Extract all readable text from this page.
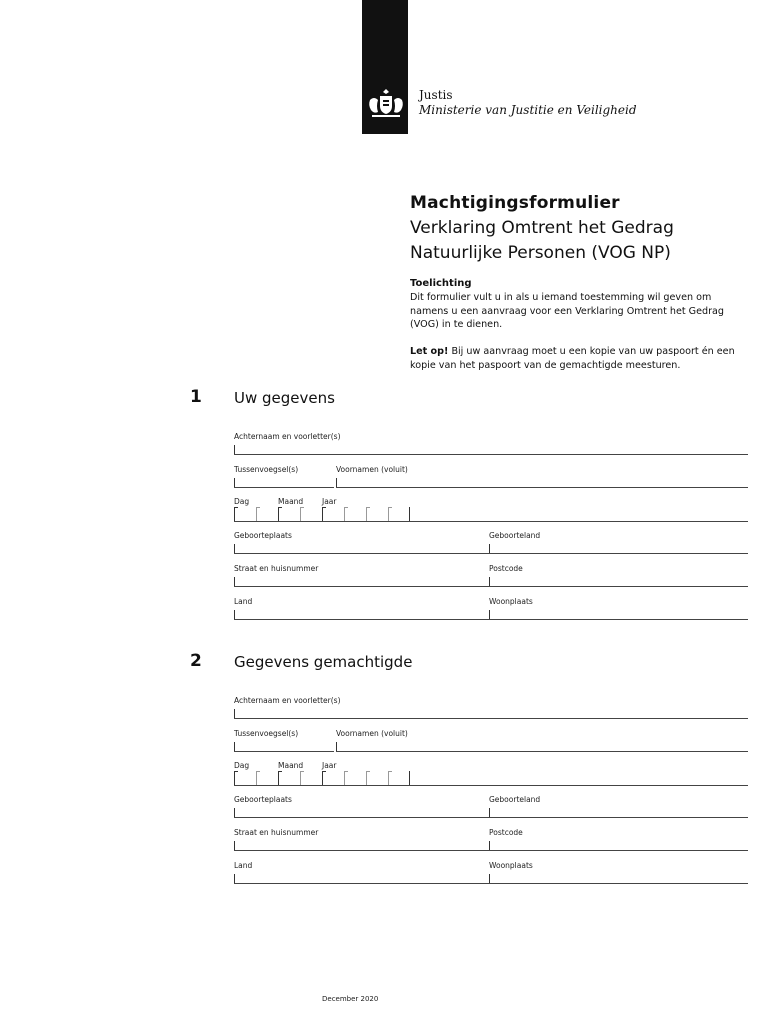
Justis
Ministerie van Justitie en Veiligheid
Machtigingsformulier
Verklaring Omtrent het Gedrag
Natuurlijke Personen (VOG NP)
Toelichting
Dit formulier vult u in als u iemand toestemming wil geven om namens u een aanvraag voor een Verklaring Omtrent het Gedrag (VOG) in te dienen.
Let op! Bij uw aanvraag moet u een kopie van uw paspoort én een kopie van het paspoort van de gemachtigde meesturen.
1 Uw gegevens
Achternaam en voorletter(s)
Tussenvoegsel(s)	Voornamen (voluit)
Dag	Maand	Jaar
Geboorteplaats	Geboorteland
Straat en huisnummer	Postcode
Land	Woonplaats
2 Gegevens gemachtigde
Achternaam en voorletter(s)
Tussenvoegsel(s)	Voornamen (voluit)
Dag	Maand	Jaar
Geboorteplaats	Geboorteland
Straat en huisnummer	Postcode
Land	Woonplaats
December 2020
